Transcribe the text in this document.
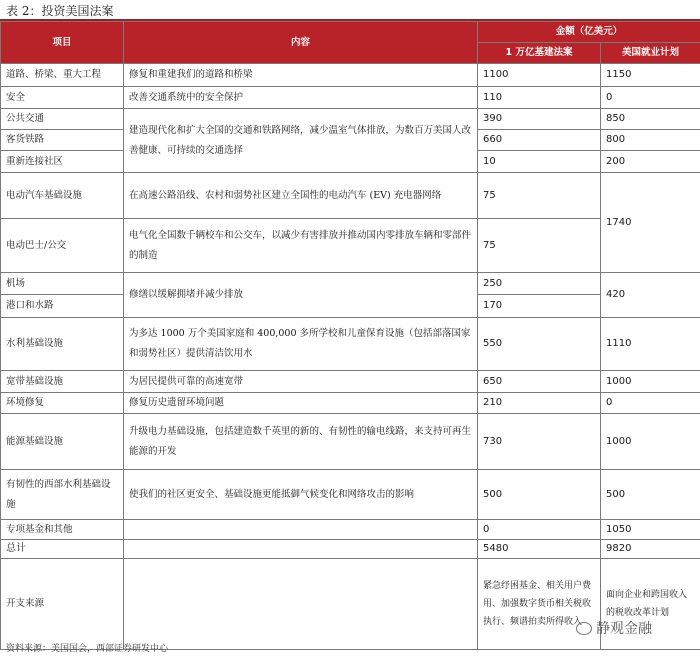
表 2：投资美国法案
项目	内容	金额（亿美元）	
		1 万亿基建法案	美国就业计划
道路、桥梁、重大工程	修复和重建我们的道路和桥梁	1100	1150
安全	改善交通系统中的安全保护	110	0
公共交通	建造现代化和扩大全国的交通和铁路网络，减少温室气体排放，为数百万美国人改善健康、可持续的交通选择	390	850
客货铁路		660	800
重新连接社区		10	200
电动汽车基础设施	在高速公路沿线、农村和弱势社区建立全国性的电动汽车 (EV) 充电器网络	75	1740
电动巴士/公交	电气化全国数千辆校车和公交车，以减少有害排放并推动国内零排放车辆和零部件的制造	75	
机场	修缮以缓解拥堵并减少排放	250	420
港口和水路		170	
水利基础设施	为多达 1000 万个美国家庭和 400,000 多所学校和儿童保育设施（包括部落国家和弱势社区）提供清洁饮用水	550	1110
宽带基础设施	为居民提供可靠的高速宽带	650	1000
环境修复	修复历史遗留环境问题	210	0
能源基础设施	升级电力基础设施，包括建造数千英里的新的、有韧性的输电线路，来支持可再生能源的开发	730	1000
有韧性的西部水利基础设施	使我们的社区更安全、基础设施更能抵御气候变化和网络攻击的影响	500	500
专项基金和其他		0	1050
总计		5480	9820
开支来源		紧急纾困基金、相关用户费用、加强数字货币相关税收执行、频谱拍卖所得收入	面向企业和跨国收入的税收改革计划
静观金融
资料来源：美国国会，西部证券研发中心
